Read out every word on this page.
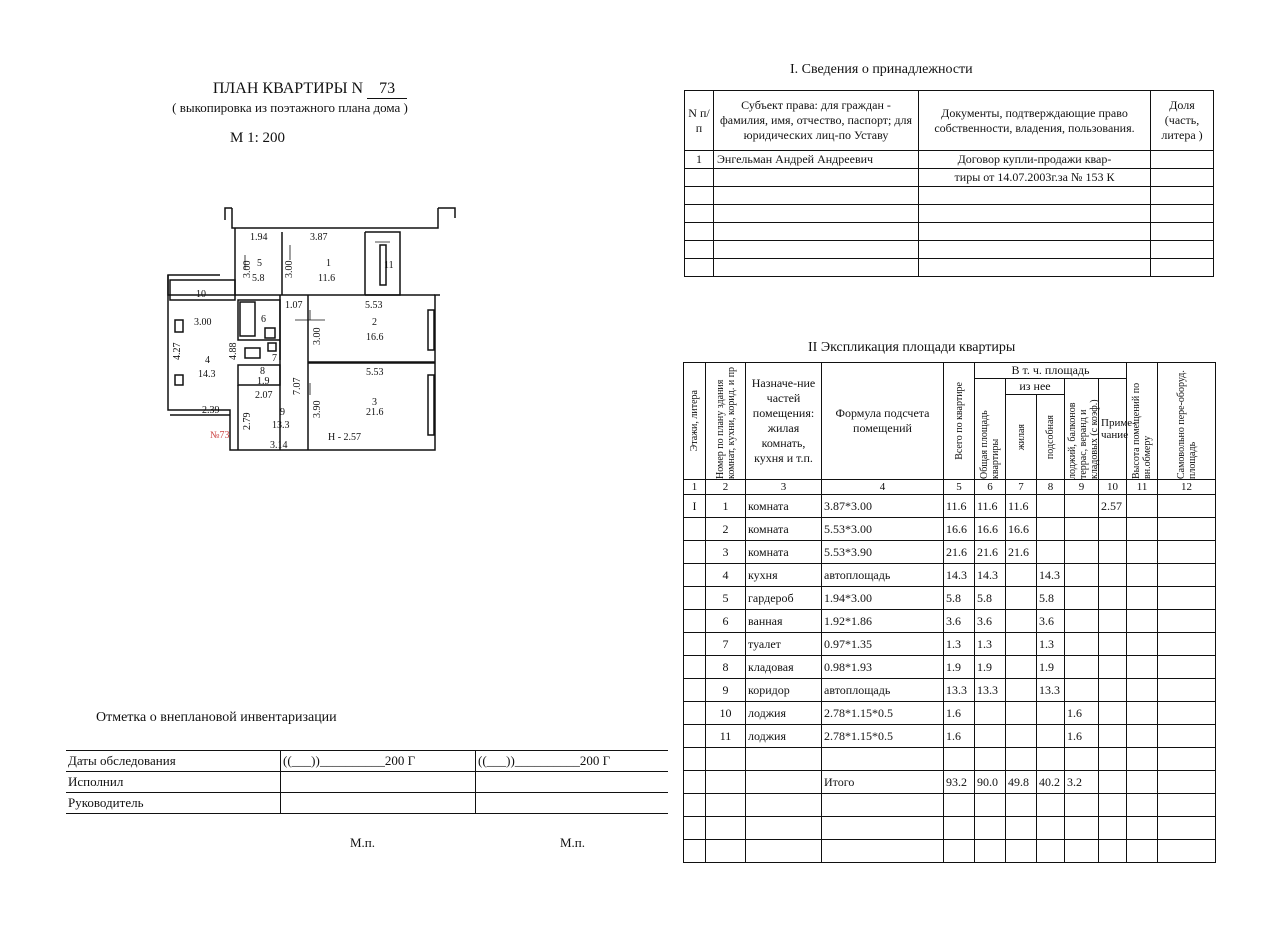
ПЛАН КВАРТИРЫ N 73
( выкопировка из поэтажного плана дома )
М 1: 200
1.94	3.87
3.00	3.00
5
5.8
1
11.6
11
10
3.00	6
1.07	5.53
2
16.6
3.00
4.27	4.88
4
14.3
7
8
1.9
5.53
7.07
2.07
9
13.3
2.39
2.79
3
21.6
3.90
3.14
Н - 2.57
№73
Отметка о внеплановой инвентаризации
Даты обследования	((___))__________200 Г	((___))__________200 Г
Исполнил		
Руководитель		
М.п.	М.п.
I. Сведения о принадлежности
N п/п	Субъект права: для граждан - фамилия, имя, отчество, паспорт; для юридических лиц-по Уставу	Документы, подтверждающие право собственности, владения, пользования.	Доля (часть, литера )
1	Энгельман Андрей Андреевич	Договор купли-продажи квар-	
		тиры от 14.07.2003г.за № 153 К	

II Экспликация площади квартиры
Этажи, литера	Номер по плану здания комнат, кухни, корид. и пр	Назначе-ние частей помещения: жилая комнать, кухня и т.п.	Формула подсчета помещений	Всего по квартире	В т. ч. площадь					Высота помещений по вн.обмеру	Самовольно пере-оборуд. площадь

					Общая площадь квартиры	из нее		лоджий, балконов террас, веранд и кладовых (с коэф.)	Приме-чание		

						жилая	подсобная				

1	2	3	4	5	6	7	8	9	10	11	12
I	1	комната	3.87*3.00	11.6	11.6	11.6			2.57		
	2	комната	5.53*3.00	16.6	16.6	16.6					
	3	комната	5.53*3.90	21.6	21.6	21.6					
	4	кухня	автоплощадь	14.3	14.3		14.3				
	5	гардероб	1.94*3.00	5.8	5.8		5.8				
	6	ванная	1.92*1.86	3.6	3.6		3.6				
	7	туалет	0.97*1.35	1.3	1.3		1.3				
	8	кладовая	0.98*1.93	1.9	1.9		1.9				
	9	коридор	автоплощадь	13.3	13.3		13.3				
	10	лоджия	2.78*1.15*0.5	1.6				1.6			
	11	лоджия	2.78*1.15*0.5	1.6				1.6			

			Итого	93.2	90.0	49.8	40.2	3.2			
